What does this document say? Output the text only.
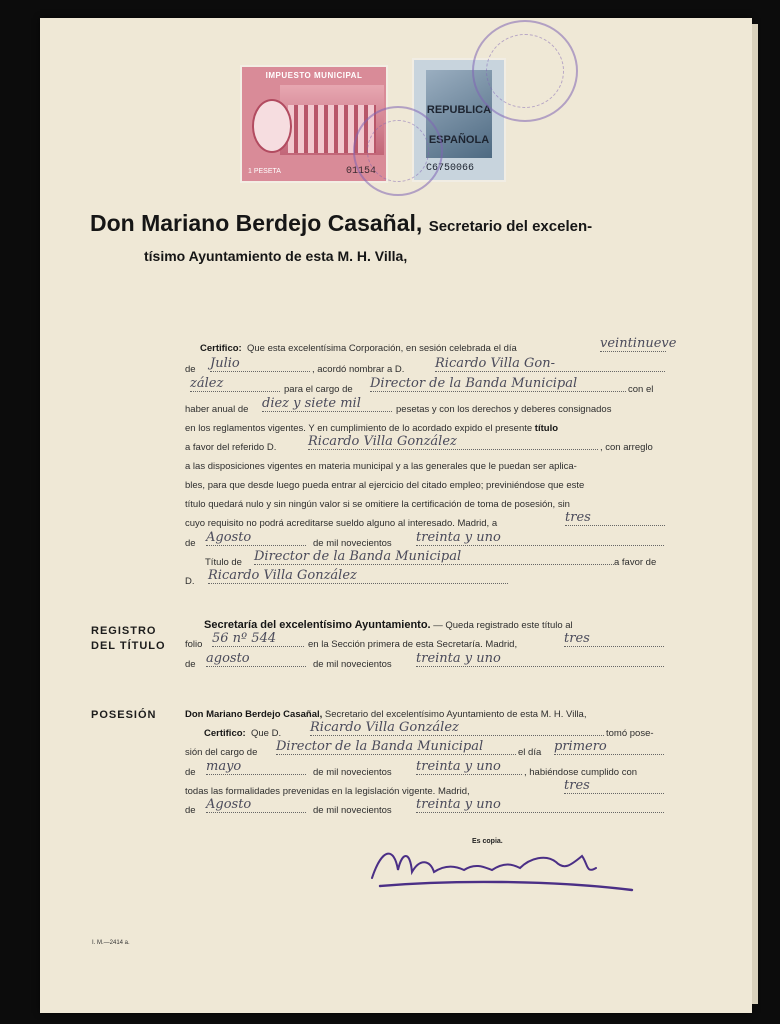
IMPUESTO MUNICIPAL
1 PESETA	01154
REPUBLICA
ESPAÑOLA
C6750066
Don Mariano Berdejo Casañal, Secretario del excelen-
tísimo Ayuntamiento de esta M. H. Villa,
Certifico: Que esta excelentísima Corporación, en sesión celebrada el día	veintinueve
de Julio	, acordó nombrar a D. Ricardo Villa Gon-
zález	para el cargo de Director de la Banda Municipal	con el
haber anual de diez y siete mil	pesetas y con los derechos y deberes consignados
en los reglamentos vigentes. Y en cumplimiento de lo acordado expido el presente título
a favor del referido D. Ricardo Villa González	, con arreglo
a las disposiciones vigentes en materia municipal y a las generales que le puedan ser aplica-
bles, para que desde luego pueda entrar al ejercicio del citado empleo; previniéndose que este
título quedará nulo y sin ningún valor si se omitiere la certificación de toma de posesión, sin
cuyo requisito no podrá acreditarse sueldo alguno al interesado. Madrid, a	tres
de Agosto	de mil novecientos treinta y uno
Título de Director de la Banda Municipal	a favor de
D. Ricardo Villa González
REGISTRO
DEL TÍTULO
Secretaría del excelentísimo Ayuntamiento. — Queda registrado este título al
folio 56 nº 544	en la Sección primera de esta Secretaría. Madrid,	tres
de agosto	de mil novecientos treinta y uno
POSESIÓN	Don Mariano Berdejo Casañal, Secretario del excelentísimo Ayuntamiento de esta M. H. Villa,
Certifico: Que D. Ricardo Villa González	tomó pose-
sión del cargo de Director de la Banda Municipal	el día primero
de mayo	de mil novecientos treinta y uno	, habiéndose cumplido con
todas las formalidades prevenidas en la legislación vigente. Madrid,	tres
de Agosto	de mil novecientos treinta y uno
Es copia.
I. M.—2414 a.
